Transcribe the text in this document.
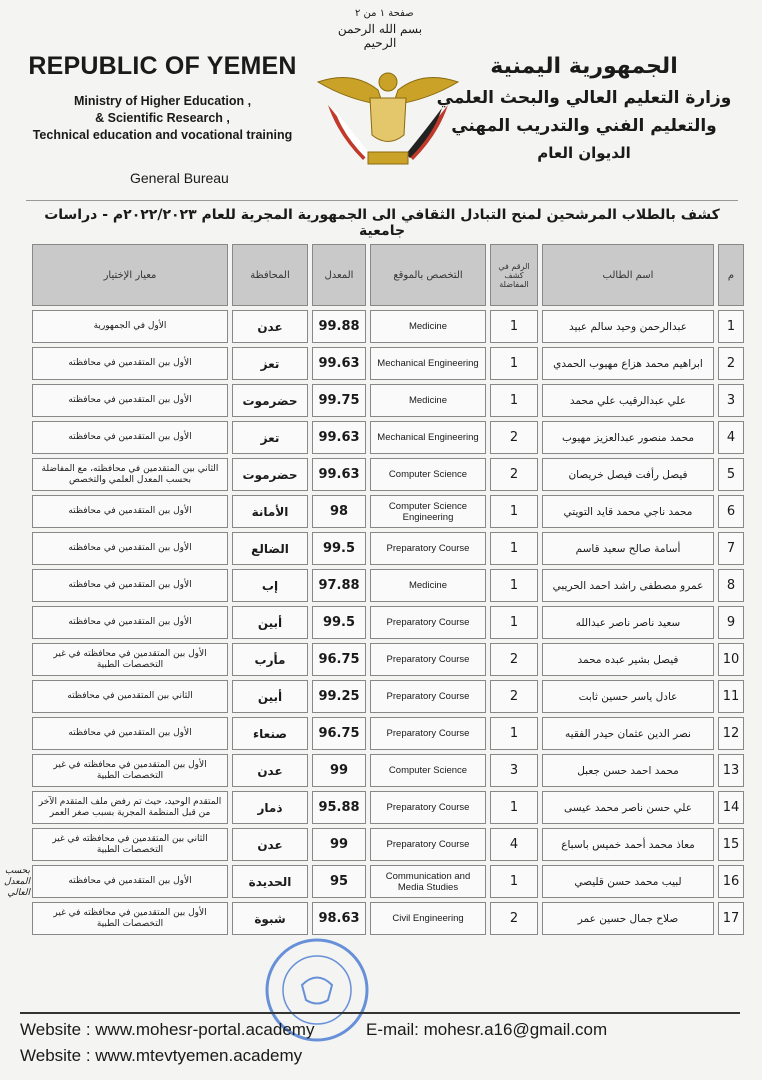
صفحة ١ من ٢
بسم الله الرحمن الرحيم
REPUBLIC OF YEMEN
Ministry of Higher Education ,
& Scientific Research ,
Technical education and vocational training
General Bureau
الجمهورية اليمنية
وزارة التعليم العالي والبحث العلمي
والتعليم الفني والتدريب المهني
الديوان العام
كشف بالطلاب المرشحين لمنح التبادل الثقافي الى الجمهورية المجرية للعام ٢٠٢٢/٢٠٢٣م - دراسات جامعية
م	اسم الطالب	الرقم في كشف المفاضلة	التخصص بالموقع	المعدل	المحافظة	معيار الإختيار
1	عبدالرحمن وحيد سالم عبيد	1	Medicine	99.88	عدن	الأول في الجمهورية
2	ابراهيم محمد هزاع مهيوب الحمدي	1	Mechanical Engineering	99.63	تعز	الأول بين المتقدمين في محافظته
3	علي عبدالرقيب علي محمد	1	Medicine	99.75	حضرموت	الأول بين المتقدمين في محافظته
4	محمد منصور عبدالعزيز مهيوب	2	Mechanical Engineering	99.63	تعز	الأول بين المتقدمين في محافظته
5	فيصل رأفت فيصل خريصان	2	Computer Science	99.63	حضرموت	الثاني بين المتقدمين في محافظته، مع المفاضلة بحسب المعدل العلمي والتخصص
6	محمد ناجي محمد قايد التويتي	1	Computer Science Engineering	98	الأمانة	الأول بين المتقدمين في محافظته
7	أسامة صالح سعيد قاسم	1	Preparatory Course	99.5	الضالع	الأول بين المتقدمين في محافظته
8	عمرو مصطفى راشد احمد الحريبي	1	Medicine	97.88	إب	الأول بين المتقدمين في محافظته
9	سعيد ناصر ناصر عبدالله	1	Preparatory Course	99.5	أبين	الأول بين المتقدمين في محافظته
10	فيصل بشير عبده محمد	2	Preparatory Course	96.75	مأرب	الأول بين المتقدمين في محافظته في غير التخصصات الطبية
11	عادل ياسر حسين ثابت	2	Preparatory Course	99.25	أبين	الثاني بين المتقدمين في محافظته
12	نصر الدين عثمان حيدر الفقيه	1	Preparatory Course	96.75	صنعاء	الأول بين المتقدمين في محافظته
13	محمد احمد حسن جعبل	3	Computer Science	99	عدن	الأول بين المتقدمين في محافظته في غير التخصصات الطبية
14	علي حسن ناصر محمد عيسى	1	Preparatory Course	95.88	ذمار	المتقدم الوحيد، حيث تم رفض ملف المتقدم الآخر من قبل المنظمة المجرية بسبب صغر العمر
15	معاذ محمد أحمد خميس باسباع	4	Preparatory Course	99	عدن	الثاني بين المتقدمين في محافظته في غير التخصصات الطبية
16	لبيب محمد حسن قليصي	1	Communication and Media Studies	95	الحديدة	الأول بين المتقدمين في محافظته
17	صلاح جمال حسين عمر	2	Civil Engineering	98.63	شبوة	الأول بين المتقدمين في محافظته في غير التخصصات الطبية
بحسب المعدل العالي
Website : www.mohesr-portal.academy
Website : www.mtevtyemen.academy
E-mail: mohesr.a16@gmail.com
